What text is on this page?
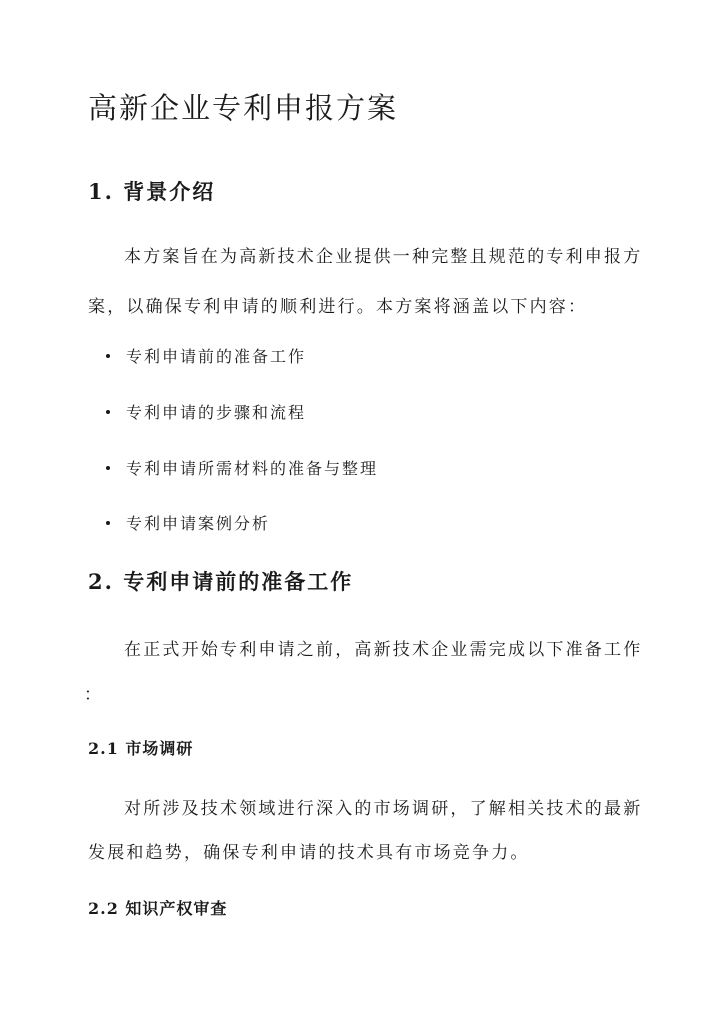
高新企业专利申报方案
1. 背景介绍
本方案旨在为高新技术企业提供一种完整且规范的专利申报方
案，以确保专利申请的顺利进行。本方案将涵盖以下内容：
专利申请前的准备工作
专利申请的步骤和流程
专利申请所需材料的准备与整理
专利申请案例分析
2. 专利申请前的准备工作
在正式开始专利申请之前，高新技术企业需完成以下准备工作
：
2.1 市场调研
对所涉及技术领域进行深入的市场调研，了解相关技术的最新
发展和趋势，确保专利申请的技术具有市场竞争力。
2.2 知识产权审查
